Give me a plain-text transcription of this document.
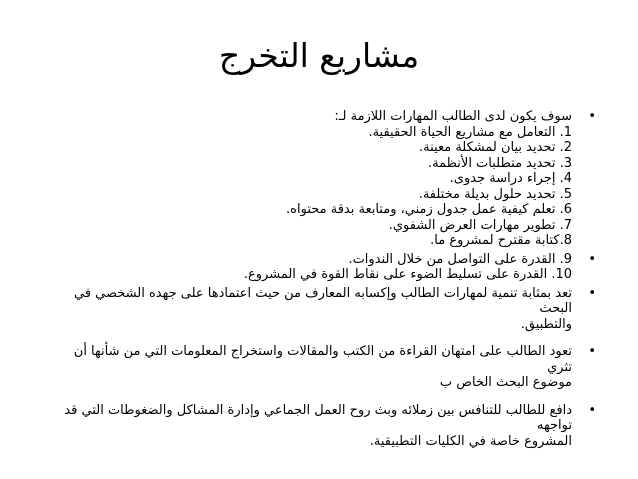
مشاريع التخرج
•
سوف يكون لدى الطالب المهارات اللازمة لـ:
1. التعامل مع مشاريع الحياة الحقيقية.
2. تحديد بيان لمشكلة معينة.
3. تحديد متطلبات الأنظمة.
4. إجراء دراسة جدوى.
5. تحديد حلول بديلة مختلفة.
6. تعلم كيفية عمل جدول زمني، ومتابعة بدقة محتواه.
7. تطوير مهارات العرض الشفوي.
8.كتابة مقترح لمشروع ما.
•
9. القدرة على التواصل من خلال الندوات.
10. القدرة على تسليط الضوء على نقاط القوة في المشروع.
•
تعد بمثابة تنمية لمهارات الطالب وإكسابه المعارف من حيث اعتمادها على جهده الشخصي في البحث
والتطبيق.
•
تعود الطالب على امتهان القراءة من الكتب والمقالات واستخراج المعلومات التي من شأنها أن تثري
موضوع البحث الخاص ب
•
دافع للطالب للتنافس بين زملائه وبث روح العمل الجماعي وإدارة المشاكل والضغوطات التي قد تواجهه
المشروع خاصة في الكليات التطبيقية.
